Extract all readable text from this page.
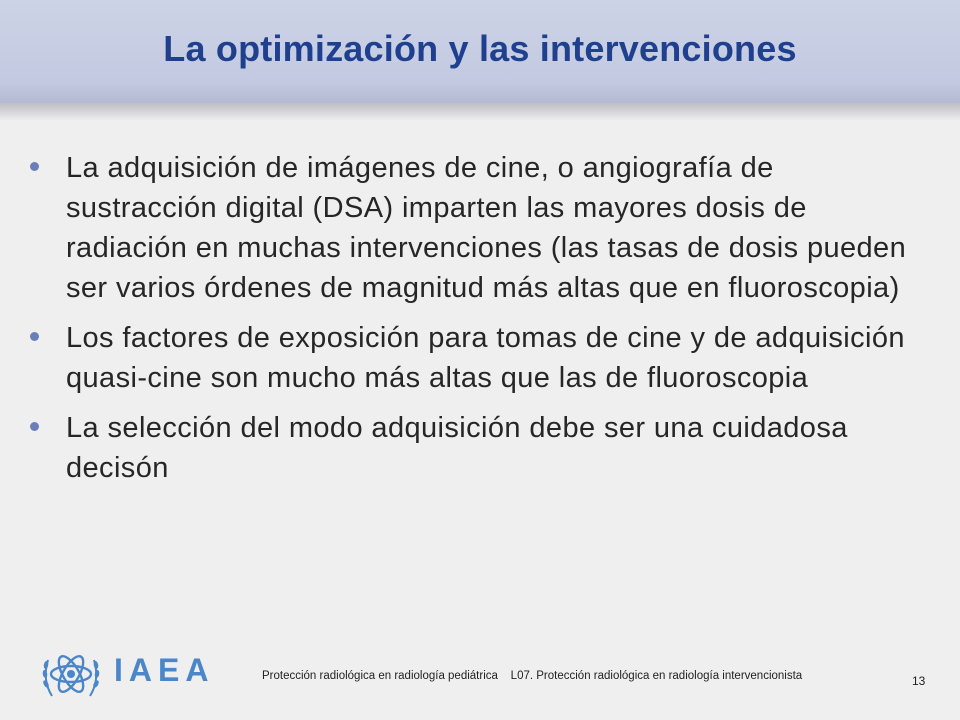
La optimización y las intervenciones
La adquisición de imágenes de cine, o angiografía de sustracción digital (DSA) imparten las mayores dosis de radiación en muchas intervenciones (las tasas de dosis pueden ser varios órdenes de magnitud más altas que en fluoroscopia)
Los factores de exposición para tomas de cine y de adquisición quasi-cine son mucho más altas que las de fluoroscopia
La selección del modo adquisición debe ser una cuidadosa decisón
IAEA	Protección radiológica en radiología pediátrica    L07. Protección radiológica en radiología intervencionista	13
